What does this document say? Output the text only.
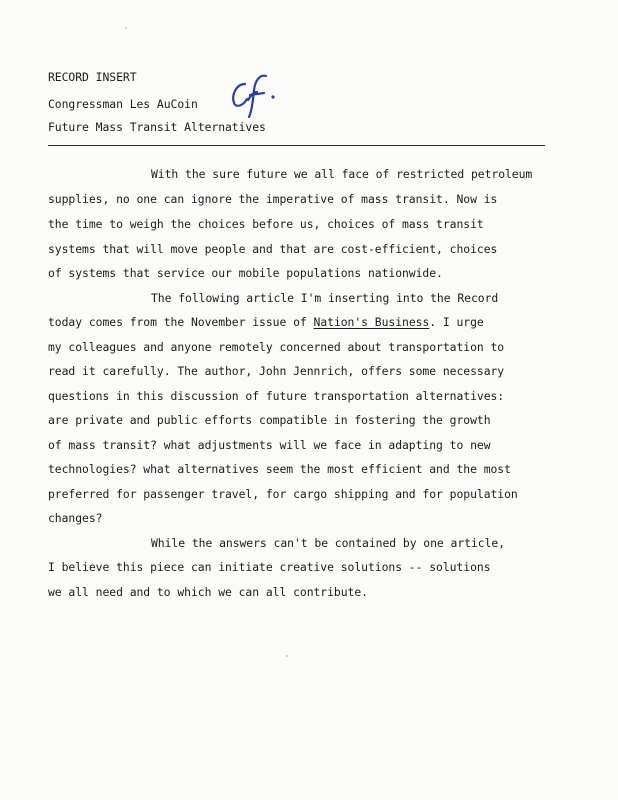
RECORD INSERT
Congressman Les AuCoin
Future Mass Transit Alternatives
With the sure future we all face of restricted petroleum
supplies, no one can ignore the imperative of mass transit. Now is
the time to weigh the choices before us, choices of mass transit
systems that will move people and that are cost-efficient, choices
of systems that service our mobile populations nationwide.
The following article I'm inserting into the Record
today comes from the November issue of Nation's Business. I urge
my colleagues and anyone remotely concerned about transportation to
read it carefully. The author, John Jennrich, offers some necessary
questions in this discussion of future transportation alternatives:
are private and public efforts compatible in fostering the growth
of mass transit? what adjustments will we face in adapting to new
technologies? what alternatives seem the most efficient and the most
preferred for passenger travel, for cargo shipping and for population
changes?
While the answers can't be contained by one article,
I believe this piece can initiate creative solutions -- solutions
we all need and to which we can all contribute.
